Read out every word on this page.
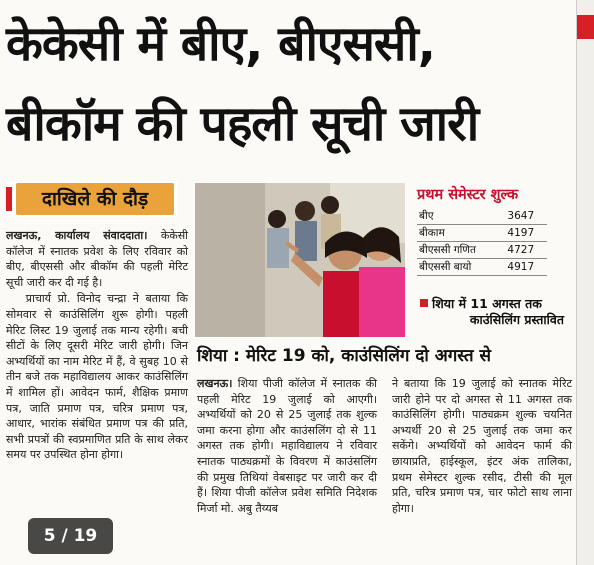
केकेसी में बीए, बीएससी,
बीकॉम की पहली सूची जारी
दाखिले की दौड़

लखनऊ, कार्यालय संवाददाता। केकेसी कॉलेज में स्नातक प्रवेश के लिए रविवार को बीए, बीएससी और बीकॉम की पहली मेरिट सूची जारी कर दी गई है।

प्राचार्य प्रो. विनोद चन्द्रा ने बताया कि सोमवार से काउंसिलिंग शुरू होगी। पहली मेरिट लिस्ट 19 जुलाई तक मान्य रहेगी। बची सीटों के लिए दूसरी मेरिट जारी होगी। जिन अभ्यर्थियों का नाम मेरिट में हैं, वे सुबह 10 से तीन बजे तक महाविद्यालय आकर काउंसिलिंग में शामिल हों। आवेदन फार्म, शैक्षिक प्रमाण पत्र, जाति प्रमाण पत्र, चरित्र प्रमाण पत्र, आधार, भारांक संबंधित प्रमाण पत्र की प्रति, सभी प्रपत्रों की स्वप्रमाणित प्रति के साथ लेकर समय पर उपस्थित होना होगा।

प्रथम सेमेस्टर शुल्क
बीए	3647
बीकाम	4197
बीएससी गणित	4727
बीएससी बायो	4917
शिया में 11 अगस्त तक
काउंसिलिंग प्रस्तावित
शिया : मेरिट 19 को, काउंसिलिंग दो अगस्त से
लखनऊ। शिया पीजी कॉलेज में स्नातक की पहली मेरिट 19 जुलाई को आएगी। अभ्यर्थियों को 20 से 25 जुलाई तक शुल्क जमा करना होगा और काउंसलिंग दो से 11 अगस्त तक होगी। महाविद्यालय ने रविवार स्नातक पाठ्यक्रमों के विवरण में काउंसलिंग की प्रमुख तिथियां वेबसाइट पर जारी कर दी हैं। शिया पीजी कॉलेज प्रवेश समिति निदेशक मिर्जा मो. अबु तैय्यब
ने बताया कि 19 जुलाई को स्नातक मेरिट जारी होने पर दो अगस्त से 11 अगस्त तक काउंसिलिंग होगी। पाठ्यक्रम शुल्क चयनित अभ्यर्थी 20 से 25 जुलाई तक जमा कर सकेंगे। अभ्यर्थियों को आवेदन फार्म की छायाप्रति, हाईस्कूल, इंटर अंक तालिका, प्रथम सेमेस्टर शुल्क रसीद, टीसी की मूल प्रति, चरित्र प्रमाण पत्र, चार फोटो साथ लाना होगा।
5 / 19
